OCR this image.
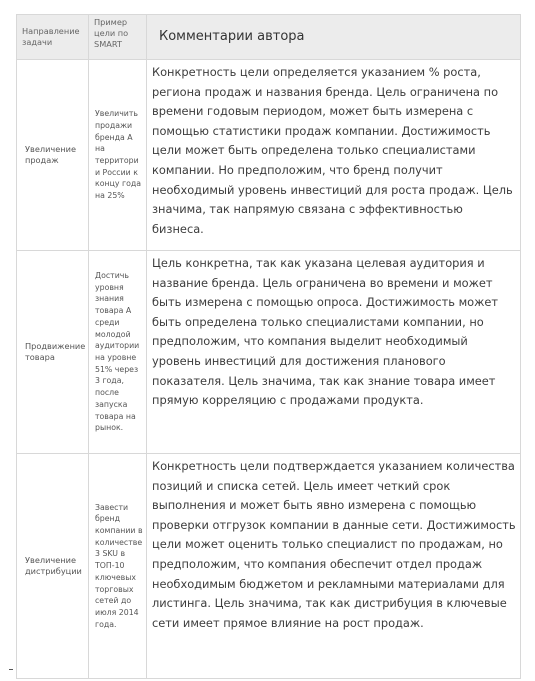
Направление задачи	Пример цели по SMART	Комментарии автора
Увеличение продаж	Увеличить продажи бренда А на территории России к концу года на 25%	Конкретность цели определяется указанием % роста, региона продаж и названия бренда. Цель ограничена по времени годовым периодом, может быть измерена с помощью статистики продаж компании. Достижимость цели может быть определена только специалистами компании. Но предположим, что бренд получит необходимый уровень инвестиций для роста продаж. Цель значима, так напрямую связана с эффективностью бизнеса.
Продвижение товара	Достичь уровня знания товара А среди молодой аудитории на уровне 51% через 3 года, после запуска товара на рынок.	Цель конкретна, так как указана целевая аудитория и название бренда. Цель ограничена во времени и может быть измерена с помощью опроса. Достижимость может быть определена только специалистами компании, но предположим, что компания выделит необходимый уровень инвестиций для достижения планового показателя. Цель значима, так как знание товара имеет прямую корреляцию с продажами продукта.
Увеличение дистрибуции	Завести бренд компании в количестве 3 SKU в ТОП-10 ключевых торговых сетей до июля 2014 года.	Конкретность цели подтверждается указанием количества позиций и списка сетей. Цель имеет четкий срок выполнения и может быть явно измерена с помощью проверки отгрузок компании в данные сети. Достижимость цели может оценить только специалист по продажам, но предположим, что компания обеспечит отдел продаж необходимым бюджетом и рекламными материалами для листинга. Цель значима, так как дистрибуция в ключевые сети имеет прямое влияние на рост продаж.
